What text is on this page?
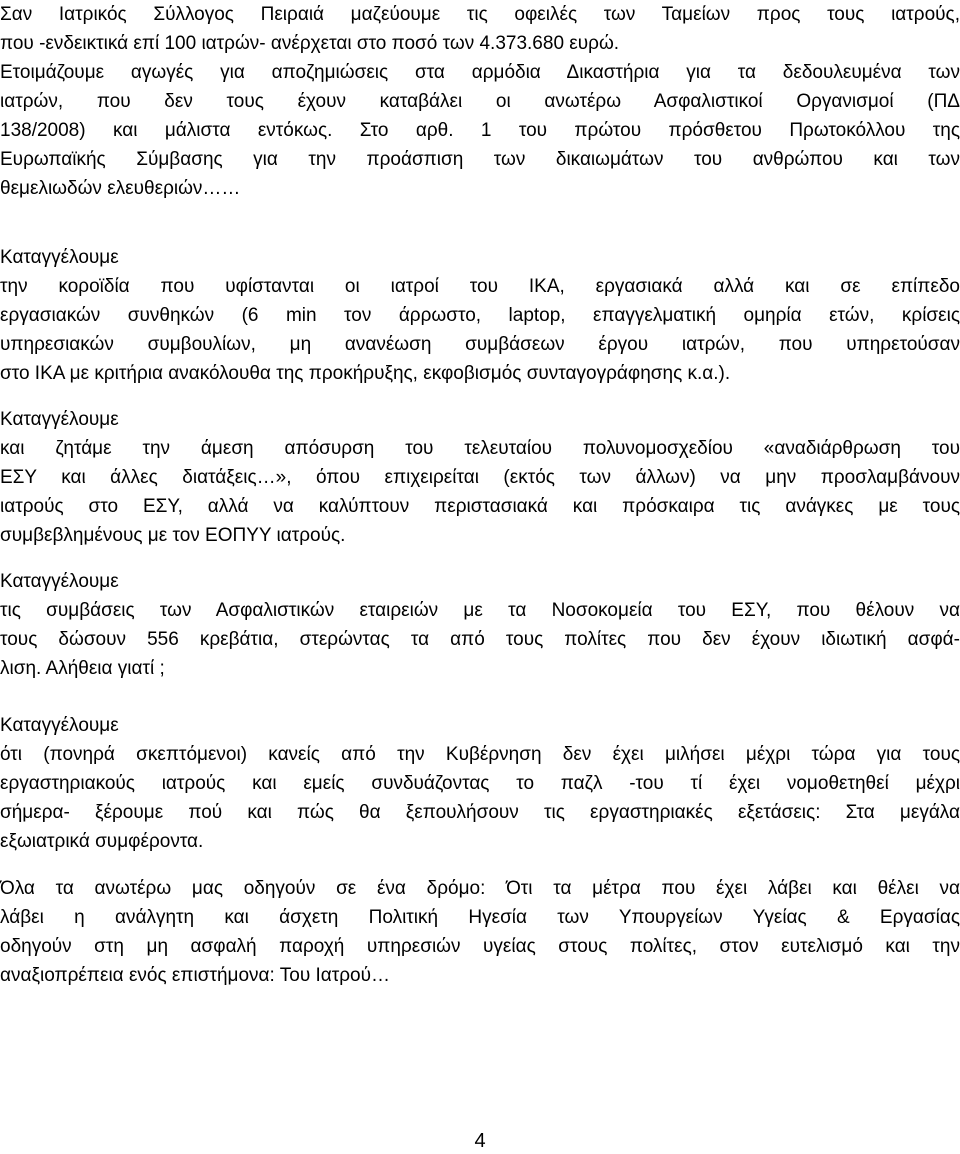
Σαν Ιατρικός Σύλλογος Πειραιά μαζεύουμε τις οφειλές των Ταμείων προς τους ιατρούς,
που -ενδεικτικά επί 100 ιατρών- ανέρχεται στο ποσό των 4.373.680 ευρώ.
Ετοιμάζουμε αγωγές για αποζημιώσεις στα αρμόδια Δικαστήρια για τα δεδουλευμένα των
ιατρών, που δεν τους έχουν καταβάλει οι ανωτέρω Ασφαλιστικοί Οργανισμοί (ΠΔ
138/2008) και μάλιστα εντόκως. Στο αρθ. 1 του πρώτου πρόσθετου Πρωτοκόλλου της
Ευρωπαϊκής Σύμβασης για την προάσπιση των δικαιωμάτων του ανθρώπου και των
θεμελιωδών ελευθεριών……
Καταγγέλουμε
την κοροϊδία που υφίστανται οι ιατροί του ΙΚΑ, εργασιακά αλλά και σε επίπεδο
εργασιακών συνθηκών (6 min τον άρρωστο, laptop, επαγγελματική ομηρία ετών, κρίσεις
υπηρεσιακών συμβουλίων, μη ανανέωση συμβάσεων έργου ιατρών, που υπηρετούσαν
στο ΙΚΑ με κριτήρια ανακόλουθα της προκήρυξης, εκφοβισμός συνταγογράφησης κ.α.).
Καταγγέλουμε
και ζητάμε την άμεση απόσυρση του τελευταίου πολυνομοσχεδίου «αναδιάρθρωση του
ΕΣΥ και άλλες διατάξεις…», όπου επιχειρείται (εκτός των άλλων) να μην προσλαμβάνουν
ιατρούς στο ΕΣΥ, αλλά να καλύπτουν περιστασιακά και πρόσκαιρα τις ανάγκες με τους
συμβεβλημένους με τον ΕΟΠΥΥ ιατρούς.
Καταγγέλουμε
τις συμβάσεις των Ασφαλιστικών εταιρειών με τα Νοσοκομεία του ΕΣΥ, που θέλουν να
τους δώσουν 556 κρεβάτια, στερώντας τα από τους πολίτες που δεν έχουν ιδιωτική ασφά-
λιση. Αλήθεια γιατί ;
Καταγγέλουμε
ότι (πονηρά σκεπτόμενοι) κανείς από την Κυβέρνηση δεν έχει μιλήσει μέχρι τώρα για τους
εργαστηριακούς ιατρούς και εμείς συνδυάζοντας το παζλ -του τί έχει νομοθετηθεί μέχρι
σήμερα- ξέρουμε πού και πώς θα ξεπουλήσουν τις εργαστηριακές εξετάσεις: Στα μεγάλα
εξωιατρικά συμφέροντα.
Όλα τα ανωτέρω μας οδηγούν σε ένα δρόμο: Ότι τα μέτρα που έχει λάβει και θέλει να
λάβει η ανάλγητη και άσχετη Πολιτική Ηγεσία των Υπουργείων Υγείας & Εργασίας
οδηγούν στη μη ασφαλή παροχή υπηρεσιών υγείας στους πολίτες, στον ευτελισμό και την
αναξιοπρέπεια ενός επιστήμονα: Του Ιατρού…
4
